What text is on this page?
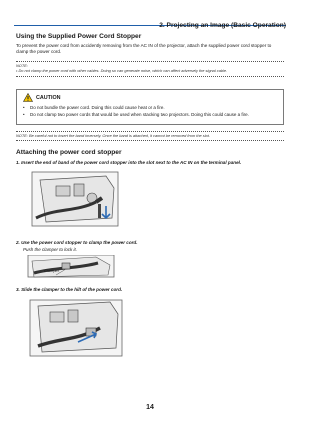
2. Projecting an Image (Basic Operation)
Using the Supplied Power Cord Stopper
To prevent the power cord from accidently removing from the AC IN of the projector, attach the supplied power cord stopper to clamp the power cord.
NOTE:
• Do not clamp the power cord with other cables. Doing so can generate noise, which can affect adversely the signal cable.
CAUTION
•	Do not bundle the power cord. Doing this could cause heat or a fire.
•	Do not clamp two power cords that would be used when stacking two projectors. Doing this could cause a fire.
NOTE: Be careful not to insert the band inversely. Once the band is attached, it cannot be removed from the slot.
Attaching the power cord stopper
1. Insert the end of band of the power cord stopper into the slot next to the AC IN on the terminal panel.
2. Use the power cord stopper to clamp the power cord.
Push the clamper to lock it.
Clamper
3. Slide the clamper to the hilt of the power cord.
14
